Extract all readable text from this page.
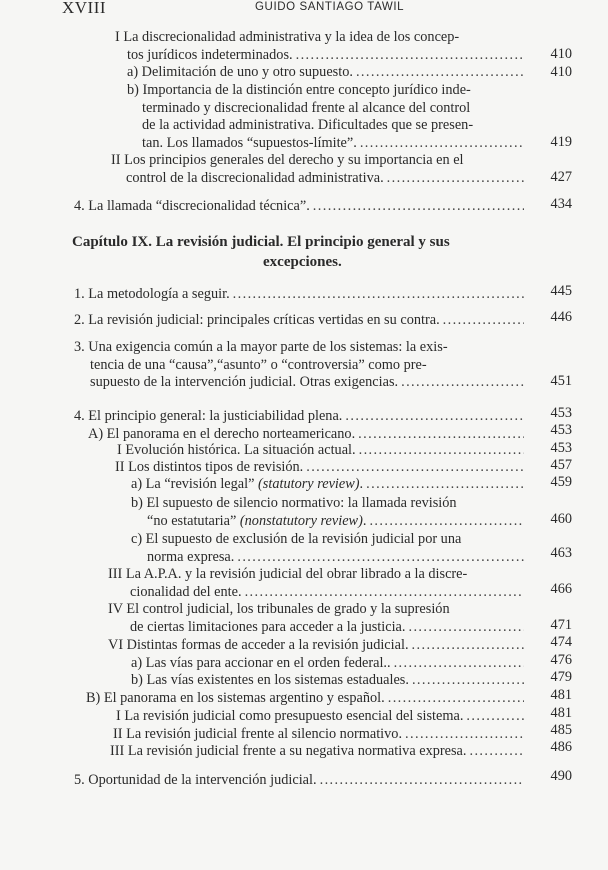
XVIII	GUIDO SANTIAGO TAWIL
I La discrecionalidad administrativa y la idea de los concep-
tos jurídicos indeterminados. .....	410
a) Delimitación de uno y otro supuesto. .....	410
b) Importancia de la distinción entre concepto jurídico inde-
terminado y discrecionalidad frente al alcance del control
de la actividad administrativa. Dificultades que se presen-
tan. Los llamados “supuestos-límite”. .....	419
II Los principios generales del derecho y su importancia en el
control de la discrecionalidad administrativa. .....	427
4. La llamada “discrecionalidad técnica”. .....	434
Capítulo IX. La revisión judicial. El principio general y sus
excepciones.
1. La metodología a seguir. .....	445
2. La revisión judicial: principales críticas vertidas en su contra. .....	446
3. Una exigencia común a la mayor parte de los sistemas: la exis-
tencia de una “causa”,“asunto” o “controversia” como pre-
supuesto de la intervención judicial. Otras exigencias. .....	451
4. El principio general: la justiciabilidad plena. .....	453
A) El panorama en el derecho norteamericano. .....	453
I Evolución histórica. La situación actual. .....	453
II Los distintos tipos de revisión. .....	457
a) La “revisión legal” (statutory review). .....	459
b) El supuesto de silencio normativo: la llamada revisión
“no estatutaria” (nonstatutory review). .....	460
c) El supuesto de exclusión de la revisión judicial por una
norma expresa. .....	463
III La A.P.A. y la revisión judicial del obrar librado a la discre-
cionalidad del ente. .....	466
IV El control judicial, los tribunales de grado y la supresión
de ciertas limitaciones para acceder a la justicia. .....	471
VI Distintas formas de acceder a la revisión judicial. .....	474
a) Las vías para accionar en el orden federal.. .....	476
b) Las vías existentes en los sistemas estaduales. .....	479
B) El panorama en los sistemas argentino y español. .....	481
I La revisión judicial como presupuesto esencial del sistema. .....	481
II La revisión judicial frente al silencio normativo. .....	485
III La revisión judicial frente a su negativa normativa expresa. .....	486
5. Oportunidad de la intervención judicial. .....	490
